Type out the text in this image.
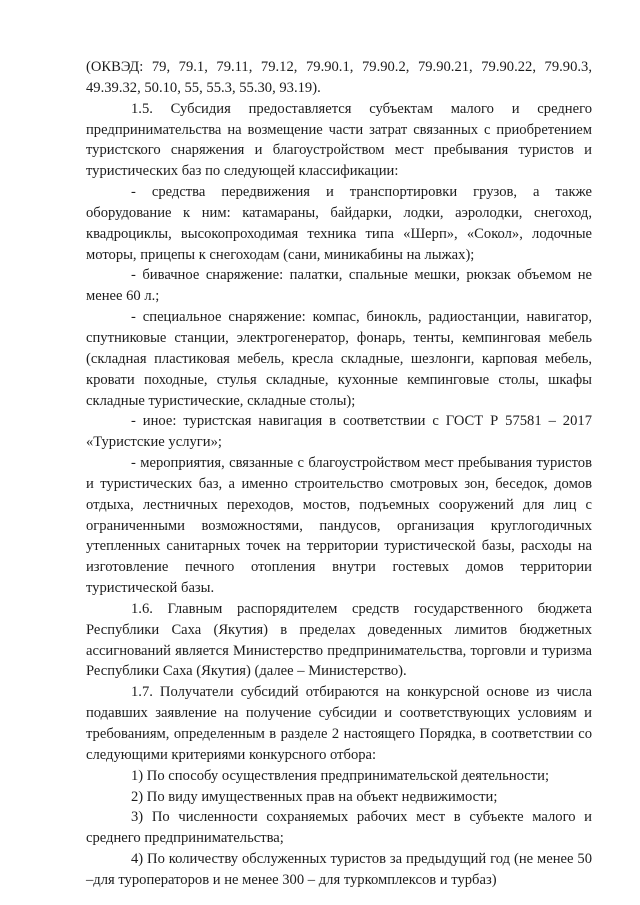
(ОКВЭД: 79, 79.1, 79.11, 79.12, 79.90.1, 79.90.2, 79.90.21, 79.90.22, 79.90.3, 49.39.32, 50.10, 55, 55.3, 55.30, 93.19).

1.5. Субсидия предоставляется субъектам малого и среднего предпринимательства на возмещение части затрат связанных с приобретением туристского снаряжения и благоустройством мест пребывания туристов и туристических баз по следующей классификации:

- средства передвижения и транспортировки грузов, а также оборудование к ним: катамараны, байдарки, лодки, аэролодки, снегоход, квадроциклы, высокопроходимая техника типа «Шерп», «Сокол», лодочные моторы, прицепы к снегоходам (сани, миникабины на лыжах);

- бивачное снаряжение: палатки, спальные мешки, рюкзак объемом не менее 60 л.;

- специальное снаряжение: компас, бинокль, радиостанции, навигатор, спутниковые станции, электрогенератор, фонарь, тенты, кемпинговая мебель (складная пластиковая мебель, кресла складные, шезлонги, карповая мебель, кровати походные, стулья складные, кухонные кемпинговые столы, шкафы складные туристические, складные столы);

- иное: туристская навигация в соответствии с ГОСТ Р 57581 – 2017 «Туристские услуги»;

- мероприятия, связанные с благоустройством мест пребывания туристов и туристических баз, а именно строительство смотровых зон, беседок, домов отдыха, лестничных переходов, мостов, подъемных сооружений для лиц с ограниченными возможностями, пандусов, организация круглогодичных утепленных санитарных точек на территории туристической базы, расходы на изготовление печного отопления внутри гостевых домов территории туристической базы.

1.6. Главным распорядителем средств государственного бюджета Республики Саха (Якутия) в пределах доведенных лимитов бюджетных ассигнований является Министерство предпринимательства, торговли и туризма Республики Саха (Якутия) (далее – Министерство).

1.7. Получатели субсидий отбираются на конкурсной основе из числа подавших заявление на получение субсидии и соответствующих условиям и требованиям, определенным в разделе 2 настоящего Порядка, в соответствии со следующими критериями конкурсного отбора:

1) По способу осуществления предпринимательской деятельности;

2) По виду имущественных прав на объект недвижимости;

3) По численности сохраняемых рабочих мест в субъекте малого и среднего предпринимательства;

4) По количеству обслуженных туристов за предыдущий год (не менее 50 –для туроператоров и не менее 300 – для туркомплексов и турбаз)
